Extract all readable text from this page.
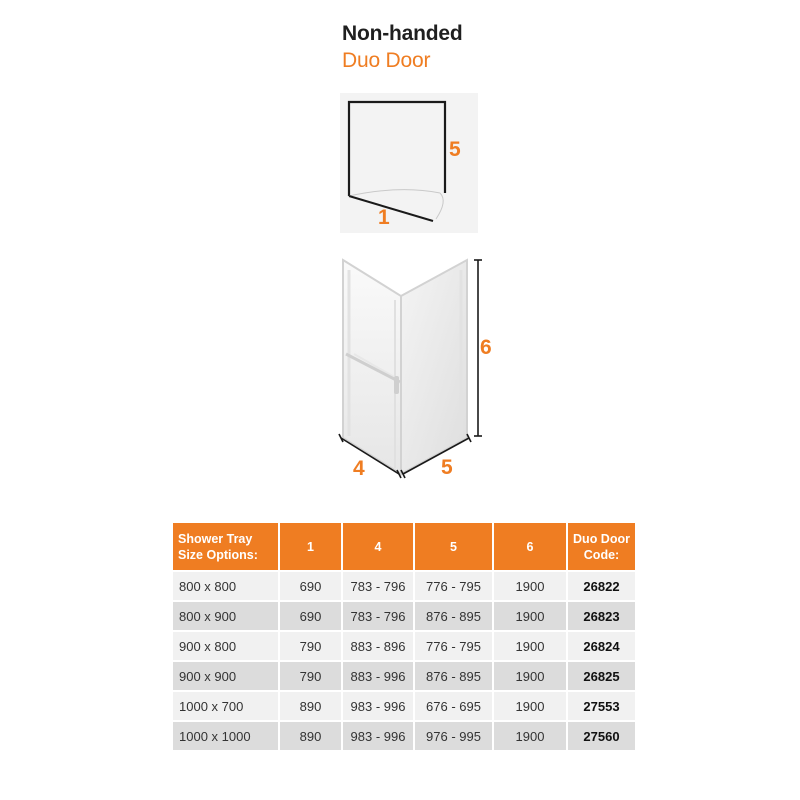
Non-handed
Duo Door
5
1
6
4	5
Shower Tray Size Options:	1	4	5	6	Duo Door Code:

800 x 800	690	783 - 796	776 - 795	1900	26822
800 x 900	690	783 - 796	876 - 895	1900	26823
900 x 800	790	883 - 896	776 - 795	1900	26824
900 x 900	790	883 - 996	876 - 895	1900	26825
1000 x 700	890	983 - 996	676 - 695	1900	27553
1000 x 1000	890	983 - 996	976 - 995	1900	27560
